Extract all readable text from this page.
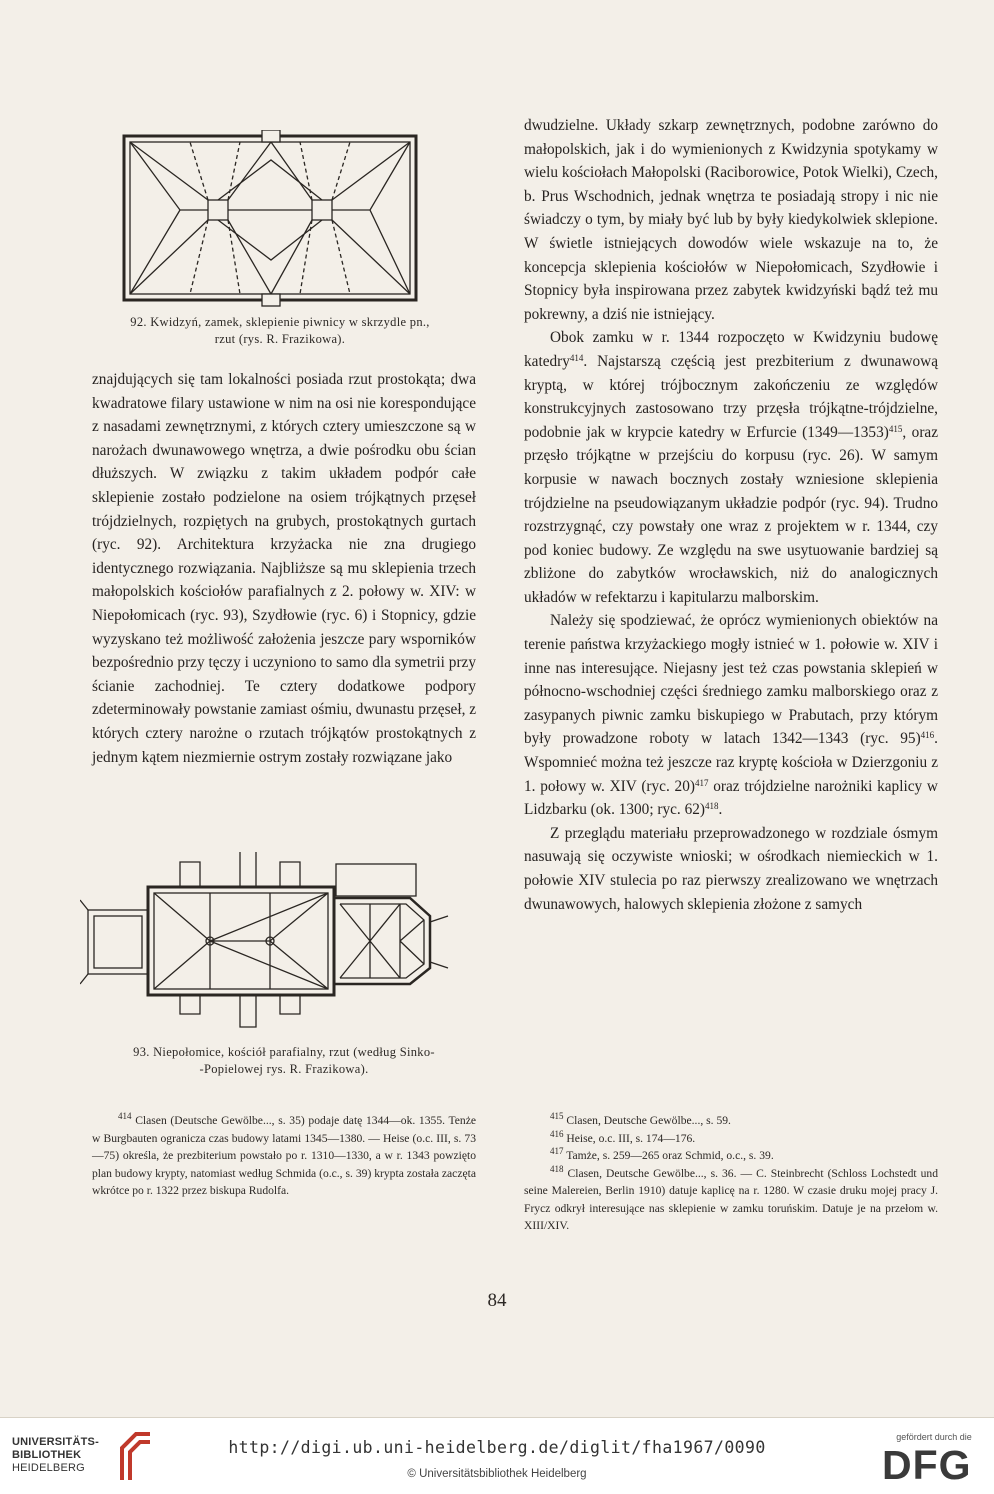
92. Kwidzyń, zamek, sklepienie piwnicy w skrzydle pn.,
rzut (rys. R. Frazikowa).

znajdujących się tam lokalności posiada rzut prostokąta; dwa kwadratowe filary ustawione w nim na osi nie korespondujące z nasadami zewnętrznymi, z których cztery umieszczone są w narożach dwunawowego wnętrza, a dwie pośrodku obu ścian dłuższych. W związku z takim układem podpór całe sklepienie zostało podzielone na osiem trójkątnych przęseł trójdzielnych, rozpiętych na grubych, prostokątnych gurtach (ryc. 92). Architektura krzyżacka nie zna drugiego identycznego rozwiązania. Najbliższe są mu sklepienia trzech małopolskich kościołów parafialnych z 2. połowy w. XIV: w Niepołomicach (ryc. 93), Szydłowie (ryc. 6) i Stopnicy, gdzie wyzyskano też możliwość założenia jeszcze pary wsporników bezpośrednio przy tęczy i uczyniono to samo dla symetrii przy ścianie zachodniej. Te cztery dodatkowe podpory zdeterminowały powstanie zamiast ośmiu, dwunastu przęseł, z których cztery narożne o rzutach trójkątów prostokątnych z jednym kątem niezmiernie ostrym zostały rozwiązane jako

93. Niepołomice, kościół parafialny, rzut (według Sinko-
-Popielowej rys. R. Frazikowa).

dwudzielne. Układy szkarp zewnętrznych, podobne zarówno do małopolskich, jak i do wymienionych z Kwidzynia spotykamy w wielu kościołach Małopolski (Raciborowice, Potok Wielki), Czech, b. Prus Wschodnich, jednak wnętrza te posiadają stropy i nic nie świadczy o tym, by miały być lub by były kiedykolwiek sklepione. W świetle istniejących dowodów wiele wskazuje na to, że koncepcja sklepienia kościołów w Niepołomicach, Szydłowie i Stopnicy była inspirowana przez zabytek kwidzyński bądź też mu pokrewny, a dziś nie istniejący.

Obok zamku w r. 1344 rozpoczęto w Kwidzyniu budowę katedry$^{414}$. Najstarszą częścią jest prezbiterium z dwunawową kryptą, w której trójbocznym zakończeniu ze względów konstrukcyjnych zastosowano trzy przęsła trójkątne-trójdzielne, podobnie jak w krypcie katedry w Erfurcie (1349—1353)$^{415}$, oraz przęsło trójkątne w przejściu do korpusu (ryc. 26). W samym korpusie w nawach bocznych zostały wzniesione sklepienia trójdzielne na pseudowiązanym układzie podpór (ryc. 94). Trudno rozstrzygnąć, czy powstały one wraz z projektem w r. 1344, czy pod koniec budowy. Ze względu na swe usytuowanie bardziej są zbliżone do zabytków wrocławskich, niż do analogicznych układów w refektarzu i kapitularzu malborskim.

Należy się spodziewać, że oprócz wymienionych obiektów na terenie państwa krzyżackiego mogły istnieć w 1. połowie w. XIV i inne nas interesujące. Niejasny jest też czas powstania sklepień w północno-wschodniej części średniego zamku malborskiego oraz z zasypanych piwnic zamku biskupiego w Prabutach, przy którym były prowadzone roboty w latach 1342—1343 (ryc. 95)$^{416}$. Wspomnieć można też jeszcze raz kryptę kościoła w Dzierzgoniu z 1. połowy w. XIV (ryc. 20)$^{417}$ oraz trójdzielne narożniki kaplicy w Lidzbarku (ok. 1300; ryc. 62)$^{418}$.

Z przeglądu materiału przeprowadzonego w rozdziale ósmym nasuwają się oczywiste wnioski; w ośrodkach niemieckich w 1. połowie XIV stulecia po raz pierwszy zrealizowano we wnętrzach dwunawowych, halowych sklepienia złożone z samych

$^{414}$ Clasen (Deutsche Gewölbe..., s. 35) podaje datę 1344—ok. 1355. Tenże w Burgbauten ogranicza czas budowy latami 1345—1380. — Heise (o.c. III, s. 73—75) określa, że prezbiterium powstało po r. 1310—1330, a w r. 1343 powzięto plan budowy krypty, natomiast według Schmida (o.c., s. 39) krypta została zaczęta wkrótce po r. 1322 przez biskupa Rudolfa.

$^{415}$ Clasen, Deutsche Gewölbe..., s. 59.

$^{416}$ Heise, o.c. III, s. 174—176.

$^{417}$ Tamże, s. 259—265 oraz Schmid, o.c., s. 39.

$^{418}$ Clasen, Deutsche Gewölbe..., s. 36. — C. Steinbrecht (Schloss Lochstedt und seine Malereien, Berlin 1910) datuje kaplicę na r. 1280. W czasie druku mojej pracy J. Frycz odkrył interesujące nas sklepienie w zamku toruńskim. Datuje je na przełom w. XIII/XIV.

84
UNIVERSITÄTS-
BIBLIOTHEK
HEIDELBERG
http://digi.ub.uni-heidelberg.de/diglit/fha1967/0090
© Universitätsbibliothek Heidelberg
gefördert durch die
DFG
